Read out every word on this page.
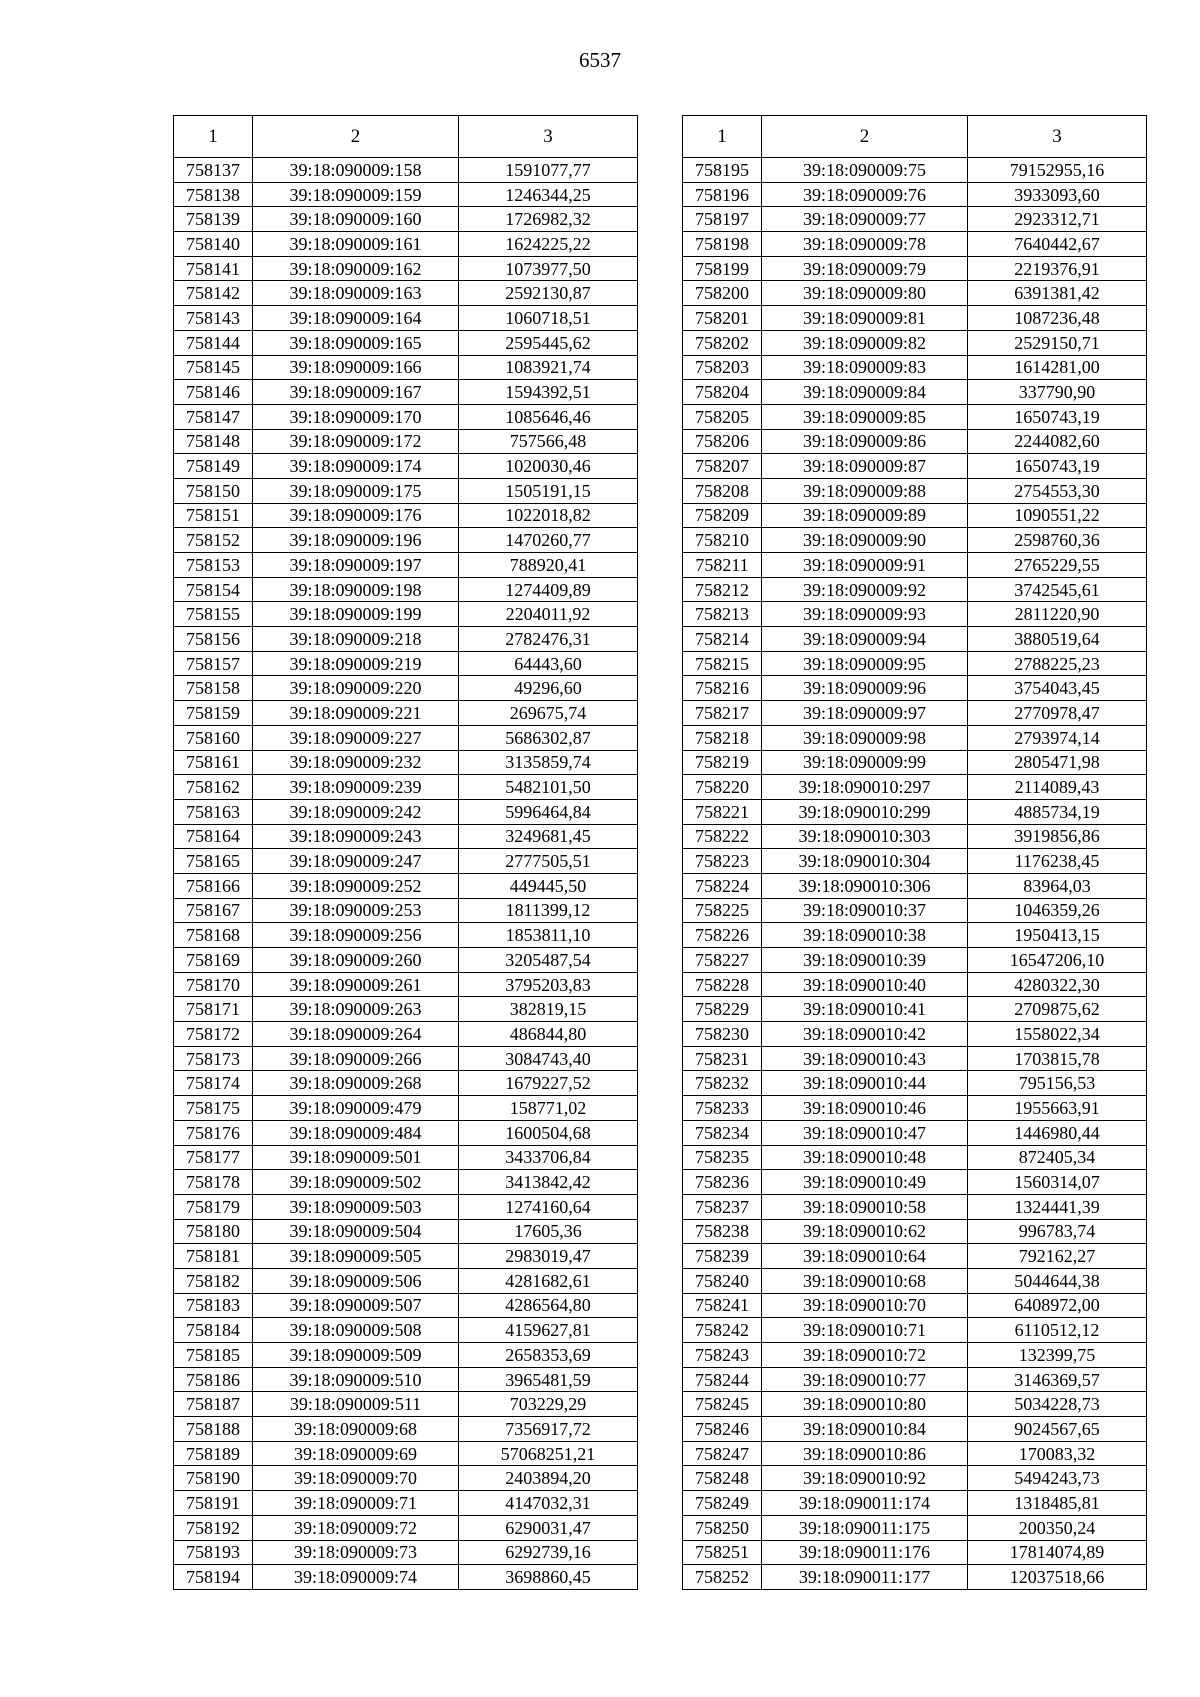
6537
1	2	3
758137	39:18:090009:158	1591077,77
758138	39:18:090009:159	1246344,25
758139	39:18:090009:160	1726982,32
758140	39:18:090009:161	1624225,22
758141	39:18:090009:162	1073977,50
758142	39:18:090009:163	2592130,87
758143	39:18:090009:164	1060718,51
758144	39:18:090009:165	2595445,62
758145	39:18:090009:166	1083921,74
758146	39:18:090009:167	1594392,51
758147	39:18:090009:170	1085646,46
758148	39:18:090009:172	757566,48
758149	39:18:090009:174	1020030,46
758150	39:18:090009:175	1505191,15
758151	39:18:090009:176	1022018,82
758152	39:18:090009:196	1470260,77
758153	39:18:090009:197	788920,41
758154	39:18:090009:198	1274409,89
758155	39:18:090009:199	2204011,92
758156	39:18:090009:218	2782476,31
758157	39:18:090009:219	64443,60
758158	39:18:090009:220	49296,60
758159	39:18:090009:221	269675,74
758160	39:18:090009:227	5686302,87
758161	39:18:090009:232	3135859,74
758162	39:18:090009:239	5482101,50
758163	39:18:090009:242	5996464,84
758164	39:18:090009:243	3249681,45
758165	39:18:090009:247	2777505,51
758166	39:18:090009:252	449445,50
758167	39:18:090009:253	1811399,12
758168	39:18:090009:256	1853811,10
758169	39:18:090009:260	3205487,54
758170	39:18:090009:261	3795203,83
758171	39:18:090009:263	382819,15
758172	39:18:090009:264	486844,80
758173	39:18:090009:266	3084743,40
758174	39:18:090009:268	1679227,52
758175	39:18:090009:479	158771,02
758176	39:18:090009:484	1600504,68
758177	39:18:090009:501	3433706,84
758178	39:18:090009:502	3413842,42
758179	39:18:090009:503	1274160,64
758180	39:18:090009:504	17605,36
758181	39:18:090009:505	2983019,47
758182	39:18:090009:506	4281682,61
758183	39:18:090009:507	4286564,80
758184	39:18:090009:508	4159627,81
758185	39:18:090009:509	2658353,69
758186	39:18:090009:510	3965481,59
758187	39:18:090009:511	703229,29
758188	39:18:090009:68	7356917,72
758189	39:18:090009:69	57068251,21
758190	39:18:090009:70	2403894,20
758191	39:18:090009:71	4147032,31
758192	39:18:090009:72	6290031,47
758193	39:18:090009:73	6292739,16
758194	39:18:090009:74	3698860,45
1	2	3
758195	39:18:090009:75	79152955,16
758196	39:18:090009:76	3933093,60
758197	39:18:090009:77	2923312,71
758198	39:18:090009:78	7640442,67
758199	39:18:090009:79	2219376,91
758200	39:18:090009:80	6391381,42
758201	39:18:090009:81	1087236,48
758202	39:18:090009:82	2529150,71
758203	39:18:090009:83	1614281,00
758204	39:18:090009:84	337790,90
758205	39:18:090009:85	1650743,19
758206	39:18:090009:86	2244082,60
758207	39:18:090009:87	1650743,19
758208	39:18:090009:88	2754553,30
758209	39:18:090009:89	1090551,22
758210	39:18:090009:90	2598760,36
758211	39:18:090009:91	2765229,55
758212	39:18:090009:92	3742545,61
758213	39:18:090009:93	2811220,90
758214	39:18:090009:94	3880519,64
758215	39:18:090009:95	2788225,23
758216	39:18:090009:96	3754043,45
758217	39:18:090009:97	2770978,47
758218	39:18:090009:98	2793974,14
758219	39:18:090009:99	2805471,98
758220	39:18:090010:297	2114089,43
758221	39:18:090010:299	4885734,19
758222	39:18:090010:303	3919856,86
758223	39:18:090010:304	1176238,45
758224	39:18:090010:306	83964,03
758225	39:18:090010:37	1046359,26
758226	39:18:090010:38	1950413,15
758227	39:18:090010:39	16547206,10
758228	39:18:090010:40	4280322,30
758229	39:18:090010:41	2709875,62
758230	39:18:090010:42	1558022,34
758231	39:18:090010:43	1703815,78
758232	39:18:090010:44	795156,53
758233	39:18:090010:46	1955663,91
758234	39:18:090010:47	1446980,44
758235	39:18:090010:48	872405,34
758236	39:18:090010:49	1560314,07
758237	39:18:090010:58	1324441,39
758238	39:18:090010:62	996783,74
758239	39:18:090010:64	792162,27
758240	39:18:090010:68	5044644,38
758241	39:18:090010:70	6408972,00
758242	39:18:090010:71	6110512,12
758243	39:18:090010:72	132399,75
758244	39:18:090010:77	3146369,57
758245	39:18:090010:80	5034228,73
758246	39:18:090010:84	9024567,65
758247	39:18:090010:86	170083,32
758248	39:18:090010:92	5494243,73
758249	39:18:090011:174	1318485,81
758250	39:18:090011:175	200350,24
758251	39:18:090011:176	17814074,89
758252	39:18:090011:177	12037518,66
